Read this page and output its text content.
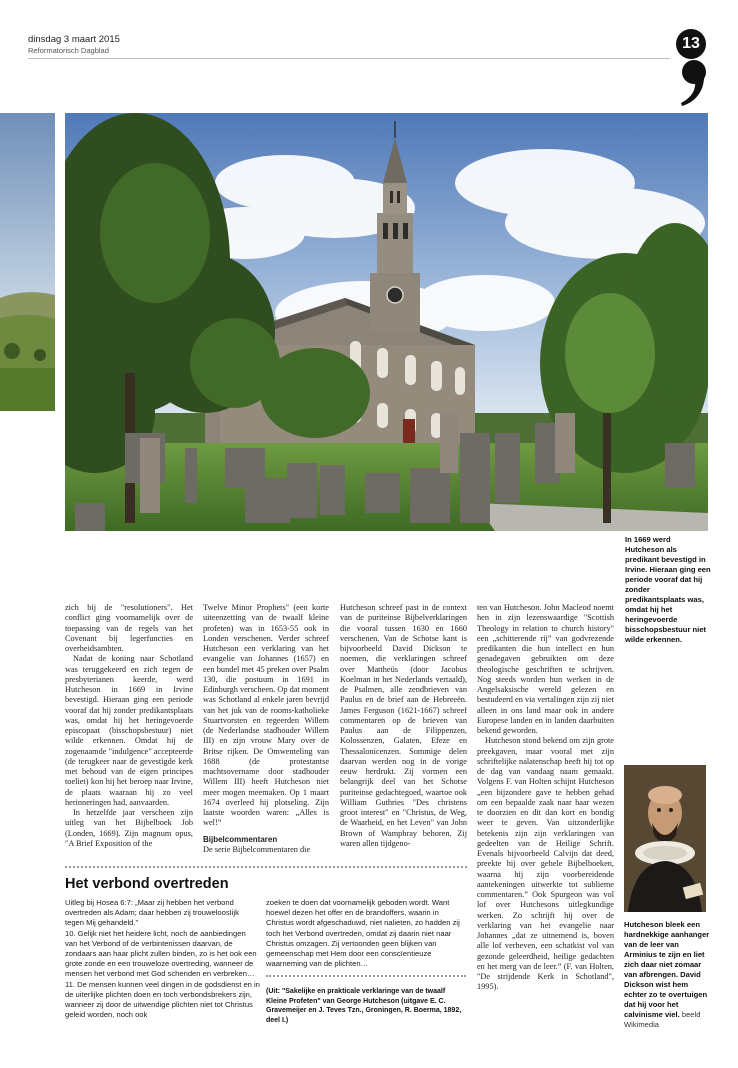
dinsdag 3 maart 2015
Reformatorisch Dagblad	13
In 1669 werd Hutcheson als predikant bevestigd in Irvine. Hieraan ging een periode vooraf dat hij zonder predikantsplaats was, omdat hij het heringevoerde bisschopsbestuur niet wilde erkennen.

zich bij de "resolutioners". Het conflict ging voornamelijk over de toepassing van de regels van het Covenant bij legerfuncties en overheidsambten.

Nadat de koning naar Schotland was teruggekeerd en zich tegen de presbyterianen keerde, werd Hutcheson in 1669 in Irvine bevestigd. Hieraan ging een periode vooraf dat hij zonder predikantsplaats was, omdat hij het heringevoerde episcopaat (bisschopsbestuur) niet wilde erkennen. Omdat hij de zogenaamde "indulgence" accepteerde (de terugkeer naar de gevestigde kerk met behoud van de eigen principes toeliet) kon hij het beroep naar Irvine, de plaats waaraan hij zo veel herinneringen had, aanvaarden.

In hetzelfde jaar verscheen zijn uitleg van het Bijbelboek Job (Londen, 1669). Zijn magnum opus, "A Brief Exposition of the

Twelve Minor Prophets" (een korte uiteenzetting van de twaalf kleine profeten) was in 1653-55 ook in Londen verschenen. Verder schreef Hutcheson een verklaring van het evangelie van Johannes (1657) en een bundel met 45 preken over Psalm 130, die postuum in 1691 in Edinburgh verscheen. Op dat moment was Schotland al enkele jaren bevrijd van het juk van de rooms-katholieke Stuartvorsten en regeerden Willem (de Nederlandse stadhouder Willem III) en zijn vrouw Mary over de Britse rijken. De Omwenteling van 1688 (de protestantse machtsovername door stadhouder Willem III) heeft Hutcheson niet meer mogen meemaken. Op 1 maart 1674 overleed hij plotseling. Zijn laatste woorden waren: „Alles is wel!”

Bijbelcommentaren

De serie Bijbelcommentaren die

Hutcheson schreef past in de context van de puriteinse Bijbelverklaringen die vooral tussen 1630 en 1660 verschenen. Van de Schotse kant is bijvoorbeeld David Dickson te noemen, die verklaringen schreef over Mattheüs (door Jacobus Koelman in het Nederlands vertaald), de Psalmen, alle zendbrieven van Paulus en de brief aan de Hebreeën. James Ferguson (1621-1667) schreef commentaren op de brieven van Paulus aan de Filippenzen, Kolossenzen, Galaten, Efeze en Thessalonicenzen. Sommige delen daarvan werden nog in de vorige eeuw herdrukt. Zij vormen een belangrijk deel van het Schotse puriteinse gedachtegoed, waartoe ook William Guthries "Des christens groot interest" en "Christus, de Weg, de Waarheid, en het Leven" van John Brown of Wamphray behoren. Zij waren allen tijdgeno-

ten van Hutcheson. John Macleod noemt hen in zijn lezenswaardige "Scottish Theology in relation to church history" een „schitterende rij” van godvrezende predikanten die hun intellect en hun genadegaven gebruikten om deze theologische geschriften te schrijven. Nog steeds worden hun werken in de Angelsaksische wereld gelezen en bestudeerd en via vertalingen zijn zij niet alleen in ons land maar ook in andere Europese landen en in landen daarbuiten bekend geworden.

Hutcheson stond bekend om zijn grote preekgaven, maar vooral met zijn schriftelijke nalatenschap heeft hij tot op de dag van vandaag naam gemaakt. Volgens F. van Holten schijnt Hutcheson „een bijzondere gave te hebben gehad om een bepaalde zaak naar haar wezen te doorzien en dit dan kort en bondig weer te geven. Van uitzonderlijke betekenis zijn zijn verklaringen van gedeelten van de Heilige Schrift. Evenals bijvoorbeeld Calvijn dat deed, preekte hij over gehele Bijbelboeken, waarna hij zijn voorbereidende aantekeningen uitwerkte tot sublieme commentaren.” Ook Spurgeon was vol lof over Hutchesons uitlegkundige werken. Zo schrijft hij over de verklaring van het evangelie naar Johannes „dat ze uitnemend is, boven alle lof verheven, een schatkist vol van gezonde geleerdheid, heilige gedachten en het merg van de leer.” (F. van Holten, "De strijdende Kerk in Schotland", 1995).

Hutcheson bleek een hardnekkige aanhanger van de leer van Arminius te zijn en liet zich daar niet zomaar van afbrengen. David Dickson wist hem echter zo te overtuigen dat hij voor het calvinisme viel. beeld Wikimedia
Het verbond overtreden

Uitleg bij Hosea 6:7: „Maar zij hebben het verbond overtreden als Adam; daar hebben zij trouweloosIijk tegen Mij gehandeld.”

10. Gelijk niet het heidere licht, noch de aanbiedingen van het Verbond of de verbintenissen daarvan, de zondaars aan haar plicht zullen binden, zo is het ook een grote zonde en een trouweloze overtreding, wanneer de mensen het verbond met God schenden en verbreken…

11. De mensen kunnen veel dingen in de godsdienst en in de uiterlijke plichten doen en toch verbondsbrekers zijn, wanneer zij door de uitwendige plichten niet tot Christus geleid worden, noch ook

zoeken te doen dat voornamelijk geboden wordt. Want hoewel dezen het offer en de brandoffers, waarin in Christus wordt afgeschaduwd, niet nalieten, zo hadden zij toch het Verbond overtreden, omdat zij daarin niet naar Christus omzagen. Zij vertoonden geen blijken van gemeenschap met Hem door een conscïentieuze waarneming van de plichten…

(Uit: "Sakelijke en prakticale verklaringe van de twaalf Kleine Profeten" van George Hutcheson (uitgave E. C. Gravemeijer en J. Teves Tzn., Groningen, R. Boerma, 1892, deel I.)
